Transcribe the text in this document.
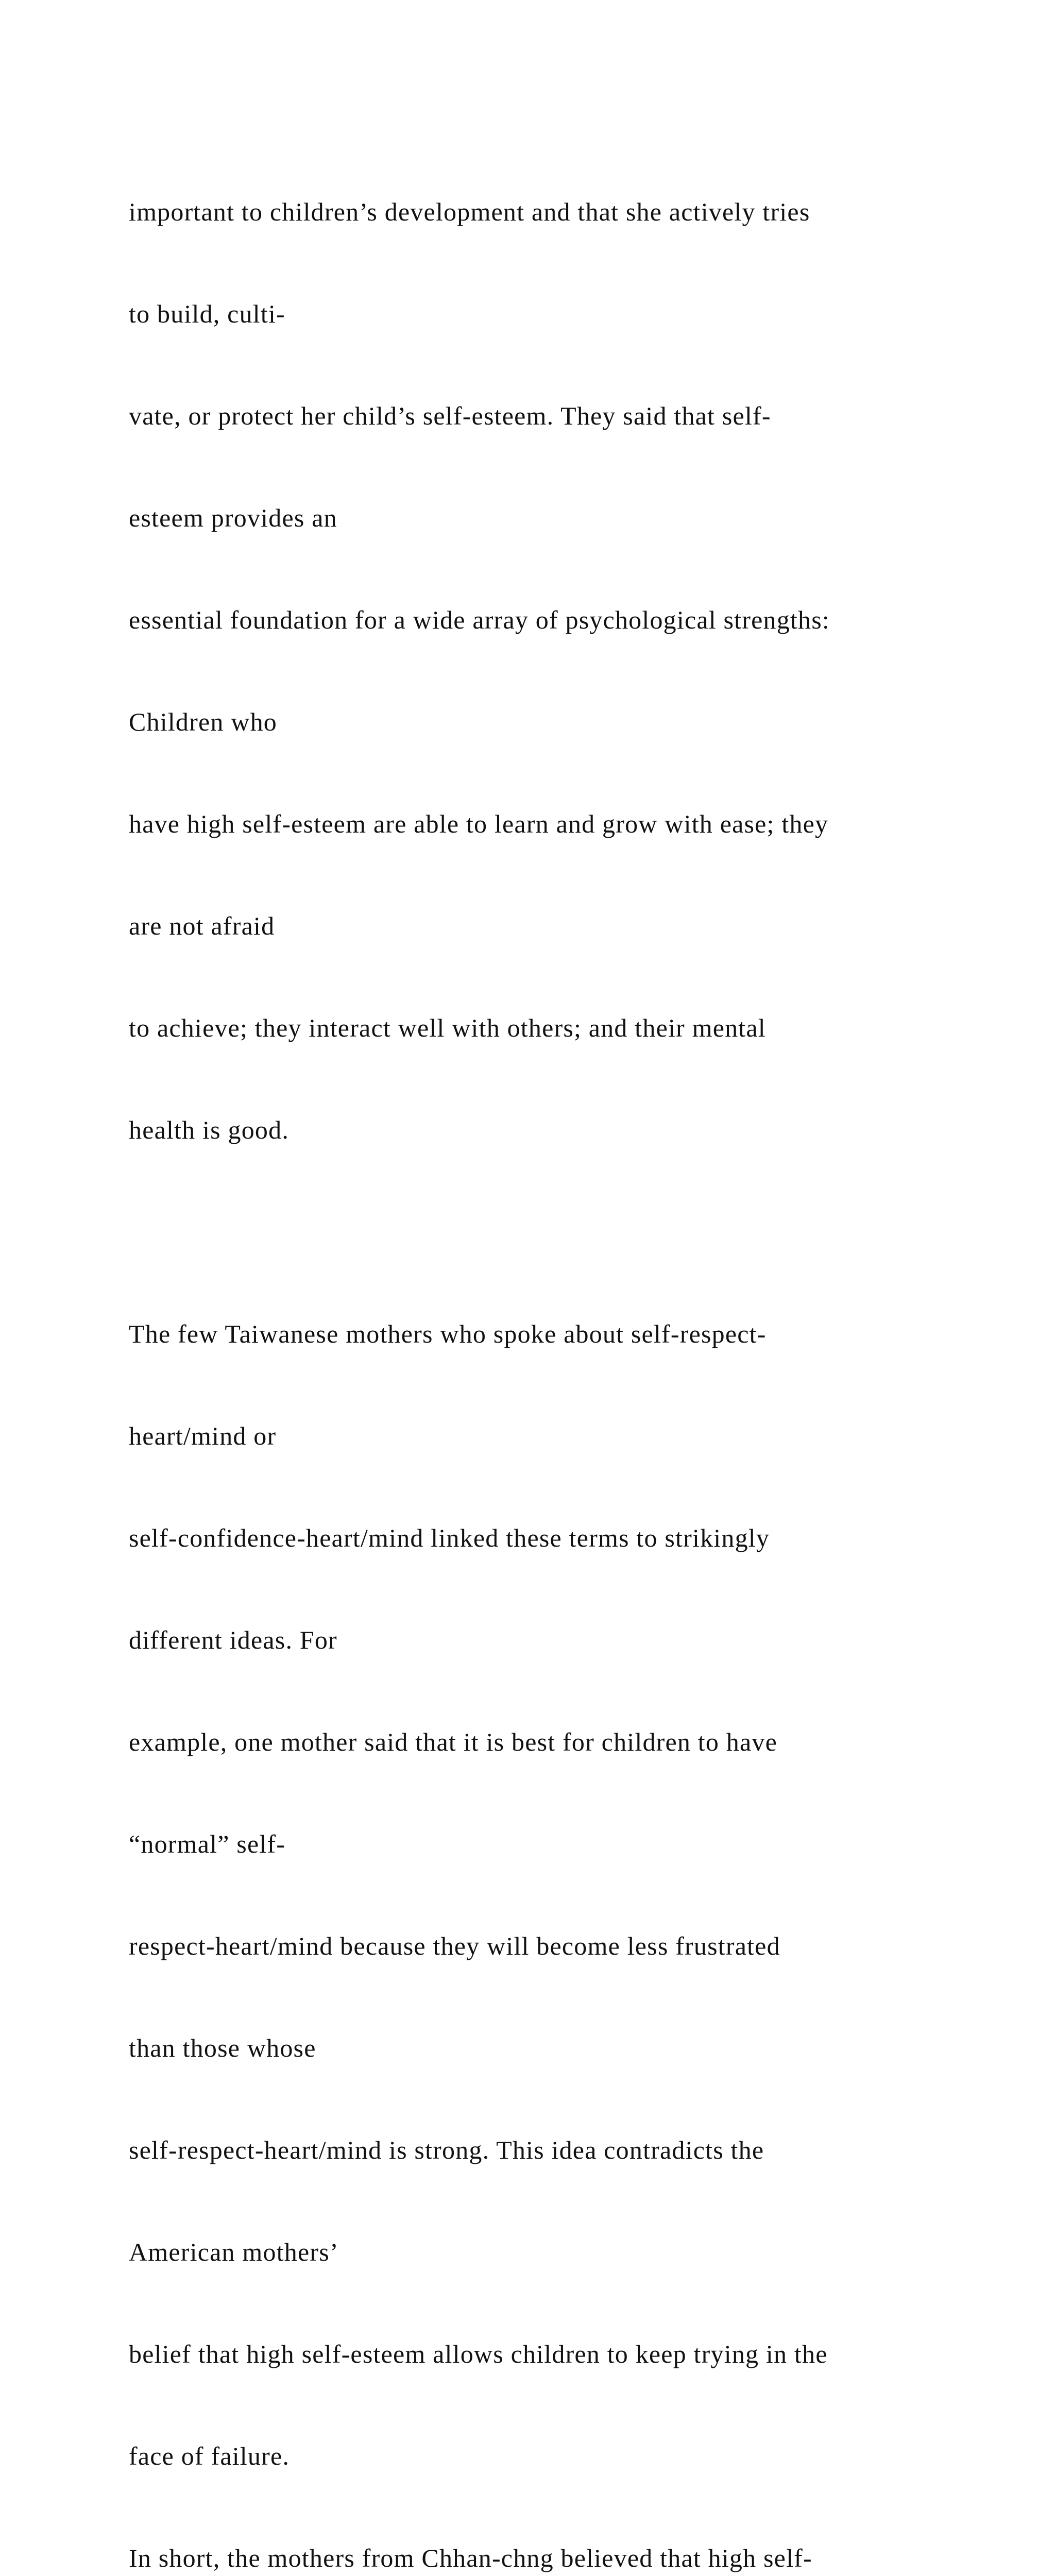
important to children’s development and that she actively tries

to build, culti-

vate, or protect her child’s self-esteem. They said that self-

esteem provides an

essential foundation for a wide array of psychological strengths:

Children who

have high self-esteem are able to learn and grow with ease; they

are not afraid

to achieve; they interact well with others; and their mental

health is good.

The few Taiwanese mothers who spoke about self-respect-

heart/mind or

self-confidence-heart/mind linked these terms to strikingly

different ideas. For

example, one mother said that it is best for children to have

“normal” self-

respect-heart/mind because they will become less frustrated

than those whose

self-respect-heart/mind is strong. This idea contradicts the

American mothers’

belief that high self-esteem allows children to keep trying in the

face of failure.

In short, the mothers from Chhan-chng believed that high self-
